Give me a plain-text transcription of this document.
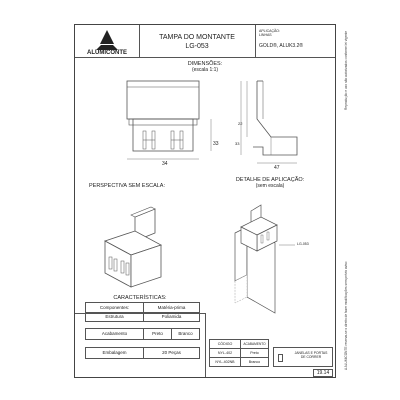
ALUMICONTE
TAMPA DO MONTANTE
LG-053
APLICAÇÃO:
LINHAS
GOLD®, ALUK3.2®
DIMENSÕES:
(escala 1:1)
34
33
22
33
47
PERSPECTIVA SEM ESCALA:
DETALHE DE APLICAÇÃO:
(sem escala)
LG-053
CARACTERÍSTICAS:
Componentes:	Matéria-prima
Estrutura	Poliamida
Acabamento	Preto	Branco
Embalagem	20 Peças
CÓDIGO	ACABAMENTO
NYL-402	Preto
NYL-402NB	Branco
JANELAS E PORTAS DE CORRER
19.14
Reprodução e uso não autorizados conforme lei vigente
A ALUMICONTE reserva-se o direito de fazer modificações sem prévio aviso
